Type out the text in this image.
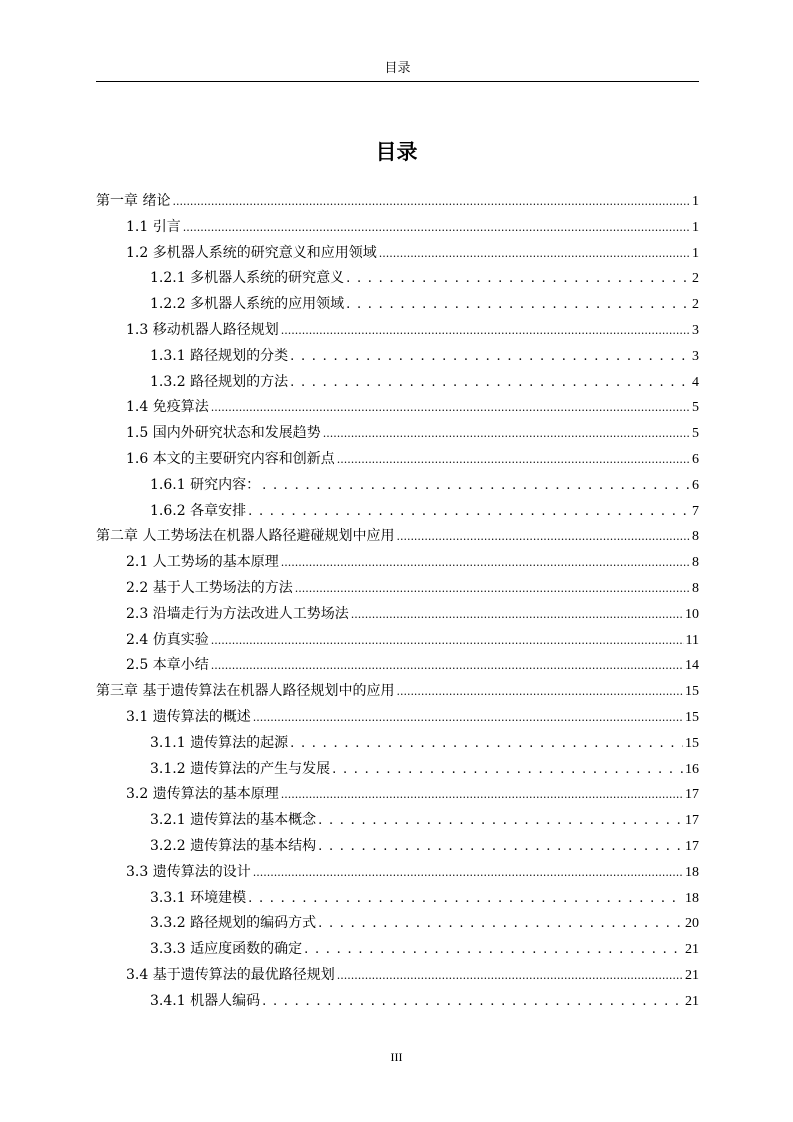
目录
目录
第一章 绪论 .....	1
1.1 引言 .....	1
1.2 多机器人系统的研究意义和应用领域 .....	1
1.2.1 多机器人系统的研究意义 . . .	2
1.2.2 多机器人系统的应用领域 . . .	2
1.3 移动机器人路径规划 .....	3
1.3.1 路径规划的分类 . . .	3
1.3.2 路径规划的方法 . . .	4
1.4 免疫算法 .....	5
1.5 国内外研究状态和发展趋势 .....	5
1.6 本文的主要研究内容和创新点 .....	6
1.6.1 研究内容： . . .	6
1.6.2 各章安排 . . .	7
第二章 人工势场法在机器人路径避碰规划中应用 .....	8
2.1 人工势场的基本原理 .....	8
2.2 基于人工势场法的方法 .....	8
2.3 沿墙走行为方法改进人工势场法 .....	10
2.4 仿真实验 .....	11
2.5 本章小结 .....	14
第三章 基于遗传算法在机器人路径规划中的应用 .....	15
3.1 遗传算法的概述 .....	15
3.1.1 遗传算法的起源 . . .	15
3.1.2 遗传算法的产生与发展 . . .	16
3.2 遗传算法的基本原理 .....	17
3.2.1 遗传算法的基本概念 . . .	17
3.2.2 遗传算法的基本结构 . . .	17
3.3 遗传算法的设计 .....	18
3.3.1 环境建模 . . .	18
3.3.2 路径规划的编码方式 . . .	20
3.3.3 适应度函数的确定 . . .	21
3.4 基于遗传算法的最优路径规划 .....	21
3.4.1 机器人编码 . . .	21
III
